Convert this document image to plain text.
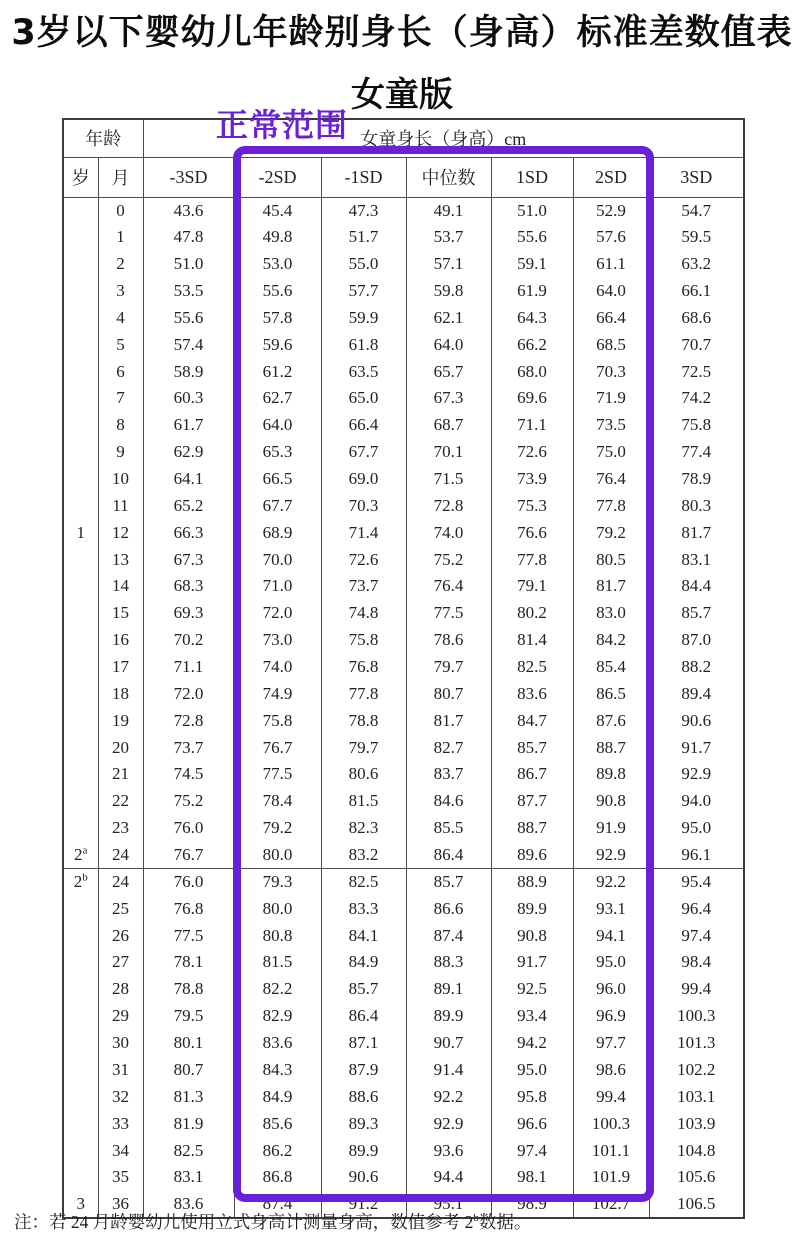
3岁以下婴幼儿年龄别身长（身高）标准差数值表
女童版
年龄		女童身长（身高）cm						
岁	月	-3SD	-2SD	-1SD	中位数	1SD	2SD	3SD
	0	43.6	45.4	47.3	49.1	51.0	52.9	54.7
	1	47.8	49.8	51.7	53.7	55.6	57.6	59.5
	2	51.0	53.0	55.0	57.1	59.1	61.1	63.2
	3	53.5	55.6	57.7	59.8	61.9	64.0	66.1
	4	55.6	57.8	59.9	62.1	64.3	66.4	68.6
	5	57.4	59.6	61.8	64.0	66.2	68.5	70.7
	6	58.9	61.2	63.5	65.7	68.0	70.3	72.5
	7	60.3	62.7	65.0	67.3	69.6	71.9	74.2
	8	61.7	64.0	66.4	68.7	71.1	73.5	75.8
	9	62.9	65.3	67.7	70.1	72.6	75.0	77.4
	10	64.1	66.5	69.0	71.5	73.9	76.4	78.9
	11	65.2	67.7	70.3	72.8	75.3	77.8	80.3
1	12	66.3	68.9	71.4	74.0	76.6	79.2	81.7
	13	67.3	70.0	72.6	75.2	77.8	80.5	83.1
	14	68.3	71.0	73.7	76.4	79.1	81.7	84.4
	15	69.3	72.0	74.8	77.5	80.2	83.0	85.7
	16	70.2	73.0	75.8	78.6	81.4	84.2	87.0
	17	71.1	74.0	76.8	79.7	82.5	85.4	88.2
	18	72.0	74.9	77.8	80.7	83.6	86.5	89.4
	19	72.8	75.8	78.8	81.7	84.7	87.6	90.6
	20	73.7	76.7	79.7	82.7	85.7	88.7	91.7
	21	74.5	77.5	80.6	83.7	86.7	89.8	92.9
	22	75.2	78.4	81.5	84.6	87.7	90.8	94.0
	23	76.0	79.2	82.3	85.5	88.7	91.9	95.0
2$^a$	24	76.7	80.0	83.2	86.4	89.6	92.9	96.1
2$^b$	24	76.0	79.3	82.5	85.7	88.9	92.2	95.4
	25	76.8	80.0	83.3	86.6	89.9	93.1	96.4
	26	77.5	80.8	84.1	87.4	90.8	94.1	97.4
	27	78.1	81.5	84.9	88.3	91.7	95.0	98.4
	28	78.8	82.2	85.7	89.1	92.5	96.0	99.4
	29	79.5	82.9	86.4	89.9	93.4	96.9	100.3
	30	80.1	83.6	87.1	90.7	94.2	97.7	101.3
	31	80.7	84.3	87.9	91.4	95.0	98.6	102.2
	32	81.3	84.9	88.6	92.2	95.8	99.4	103.1
	33	81.9	85.6	89.3	92.9	96.6	100.3	103.9
	34	82.5	86.2	89.9	93.6	97.4	101.1	104.8
	35	83.1	86.8	90.6	94.4	98.1	101.9	105.6
3	36	83.6	87.4	91.2	95.1	98.9	102.7	106.5
正常范围
注：若 24 月龄婴幼儿使用立式身高计测量身高，数值参考 2$^b$数据。
